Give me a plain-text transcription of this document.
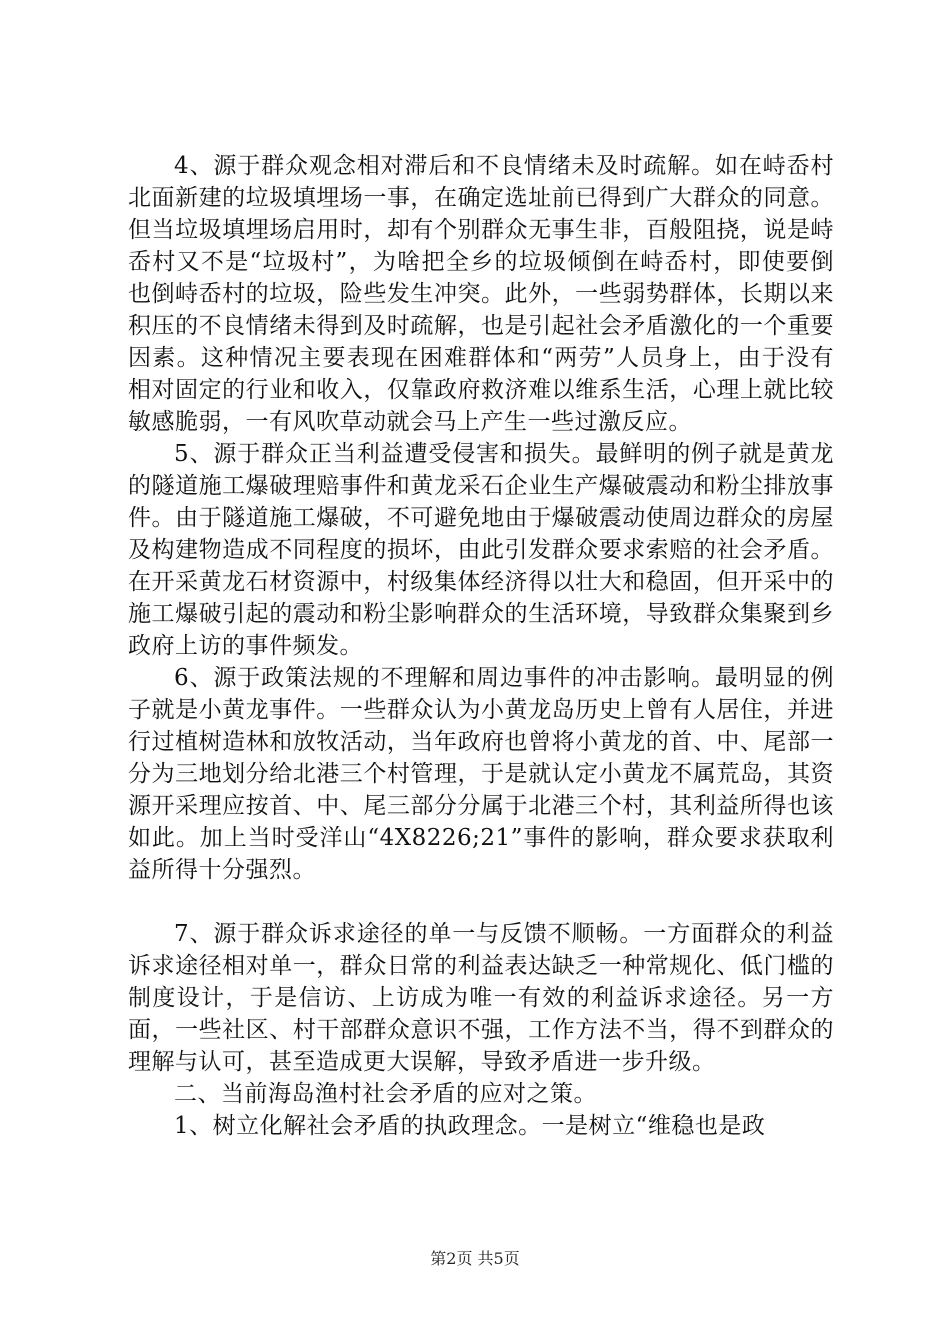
4、源于群众观念相对滞后和不良情绪未及时疏解。如在峙岙村北面新建的垃圾填埋场一事，在确定选址前已得到广大群众的同意。但当垃圾填埋场启用时，却有个别群众无事生非，百般阻挠，说是峙岙村又不是“垃圾村”，为啥把全乡的垃圾倾倒在峙岙村，即使要倒也倒峙岙村的垃圾，险些发生冲突。此外，一些弱势群体，长期以来积压的不良情绪未得到及时疏解，也是引起社会矛盾激化的一个重要因素。这种情况主要表现在困难群体和“两劳”人员身上，由于没有相对固定的行业和收入，仅靠政府救济难以维系生活，心理上就比较敏感脆弱，一有风吹草动就会马上产生一些过激反应。

5、源于群众正当利益遭受侵害和损失。最鲜明的例子就是黄龙的隧道施工爆破理赔事件和黄龙采石企业生产爆破震动和粉尘排放事件。由于隧道施工爆破，不可避免地由于爆破震动使周边群众的房屋及构建物造成不同程度的损坏，由此引发群众要求索赔的社会矛盾。在开采黄龙石材资源中，村级集体经济得以壮大和稳固，但开采中的施工爆破引起的震动和粉尘影响群众的生活环境，导致群众集聚到乡政府上访的事件频发。

6、源于政策法规的不理解和周边事件的冲击影响。最明显的例子就是小黄龙事件。一些群众认为小黄龙岛历史上曾有人居住，并进行过植树造林和放牧活动，当年政府也曾将小黄龙的首、中、尾部一分为三地划分给北港三个村管理，于是就认定小黄龙不属荒岛，其资源开采理应按首、中、尾三部分分属于北港三个村，其利益所得也该如此。加上当时受洋山“4X8226;21”事件的影响，群众要求获取利益所得十分强烈。

7、源于群众诉求途径的单一与反馈不顺畅。一方面群众的利益诉求途径相对单一，群众日常的利益表达缺乏一种常规化、低门槛的制度设计，于是信访、上访成为唯一有效的利益诉求途径。另一方面，一些社区、村干部群众意识不强，工作方法不当，得不到群众的理解与认可，甚至造成更大误解，导致矛盾进一步升级。

二、当前海岛渔村社会矛盾的应对之策。

1、树立化解社会矛盾的执政理念。一是树立“维稳也是政

第2页 共5页
